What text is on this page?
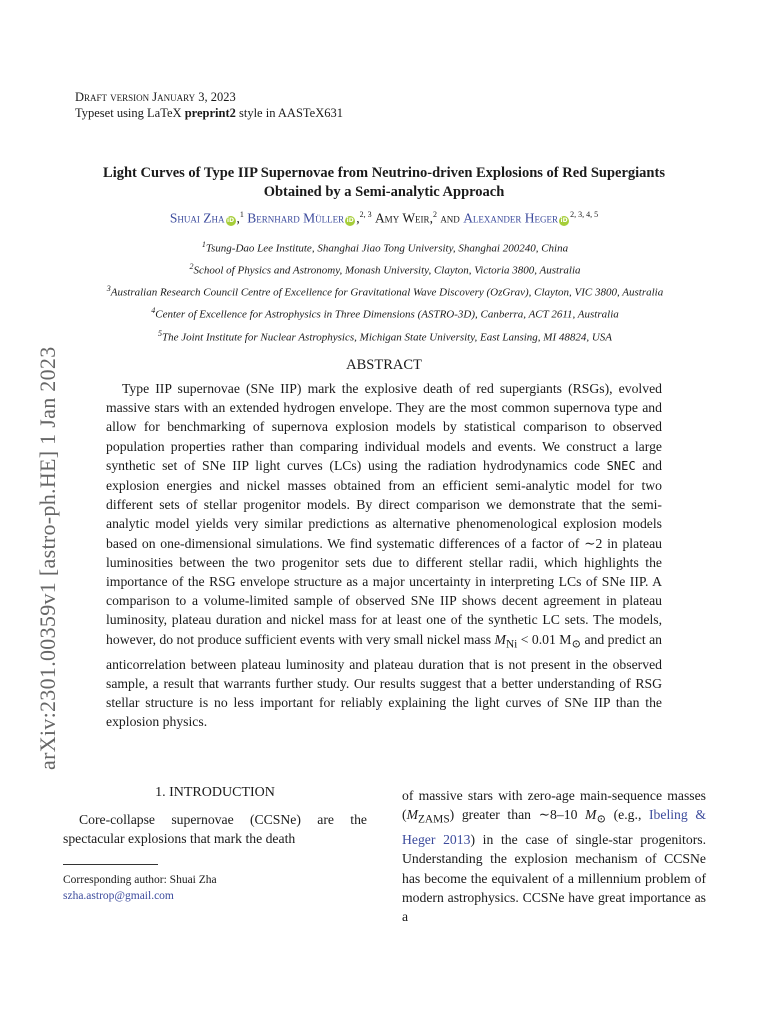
Draft version January 3, 2023
Typeset using LaTeX preprint2 style in AASTeX631
Light Curves of Type IIP Supernovae from Neutrino-driven Explosions of Red Supergiants Obtained by a Semi-analytic Approach
Shuai Zha iD ,$^1$ Bernhard Müller iD ,$^{2, 3}$ Amy Weir,$^2$ and Alexander Heger iD$^{2, 3, 4, 5}$
$^1$Tsung-Dao Lee Institute, Shanghai Jiao Tong University, Shanghai 200240, China
$^2$School of Physics and Astronomy, Monash University, Clayton, Victoria 3800, Australia
$^3$Australian Research Council Centre of Excellence for Gravitational Wave Discovery (OzGrav), Clayton, VIC 3800, Australia
$^4$Center of Excellence for Astrophysics in Three Dimensions (ASTRO-3D), Canberra, ACT 2611, Australia
$^5$The Joint Institute for Nuclear Astrophysics, Michigan State University, East Lansing, MI 48824, USA
ABSTRACT
Type IIP supernovae (SNe IIP) mark the explosive death of red supergiants (RSGs), evolved massive stars with an extended hydrogen envelope. They are the most common supernova type and allow for benchmarking of supernova explosion models by statistical comparison to observed population properties rather than comparing individual models and events. We construct a large synthetic set of SNe IIP light curves (LCs) using the radiation hydrodynamics code SNEC and explosion energies and nickel masses obtained from an efficient semi-analytic model for two different sets of stellar progenitor models. By direct comparison we demonstrate that the semi-analytic model yields very similar predictions as alternative phenomenological explosion models based on one-dimensional simulations. We find systematic differences of a factor of ∼2 in plateau luminosities between the two progenitor sets due to different stellar radii, which highlights the importance of the RSG envelope structure as a major uncertainty in interpreting LCs of SNe IIP. A comparison to a volume-limited sample of observed SNe IIP shows decent agreement in plateau luminosity, plateau duration and nickel mass for at least one of the synthetic LC sets. The models, however, do not produce sufficient events with very small nickel mass $M_{Ni} < 0.01$ $M_⊙$ and predict an anticorrelation between plateau luminosity and plateau duration that is not present in the observed sample, a result that warrants further study. Our results suggest that a better understanding of RSG stellar structure is no less important for reliably explaining the light curves of SNe IIP than the explosion physics.
arXiv:2301.00359v1 [astro-ph.HE] 1 Jan 2023
1. INTRODUCTION
Core-collapse supernovae (CCSNe) are the spectacular explosions that mark the death
of massive stars with zero-age main-sequence masses $(M_{ZAMS})$ greater than ∼8–10 $M_⊙$ (e.g., Ibeling & Heger 2013) in the case of single-star progenitors. Understanding the explosion mechanism of CCSNe has become the equivalent of a millennium problem of modern astrophysics. CCSNe have great importance as a
Corresponding author: Shuai Zha
szha.astrop@gmail.com
